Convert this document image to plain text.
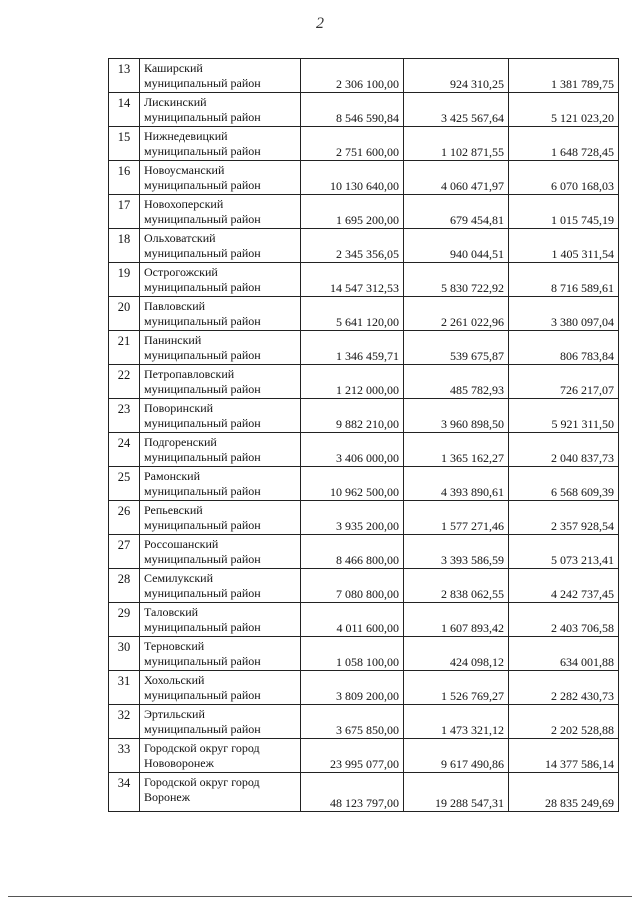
2
13	Каширский
муниципальный район	2 306 100,00	924 310,25	1 381 789,75
14	Лискинский
муниципальный район	8 546 590,84	3 425 567,64	5 121 023,20
15	Нижнедевицкий
муниципальный район	2 751 600,00	1 102 871,55	1 648 728,45
16	Новоусманский
муниципальный район	10 130 640,00	4 060 471,97	6 070 168,03
17	Новохоперский
муниципальный район	1 695 200,00	679 454,81	1 015 745,19
18	Ольховатский
муниципальный район	2 345 356,05	940 044,51	1 405 311,54
19	Острогожский
муниципальный район	14 547 312,53	5 830 722,92	8 716 589,61
20	Павловский
муниципальный район	5 641 120,00	2 261 022,96	3 380 097,04
21	Панинский
муниципальный район	1 346 459,71	539 675,87	806 783,84
22	Петропавловский
муниципальный район	1 212 000,00	485 782,93	726 217,07
23	Поворинский
муниципальный район	9 882 210,00	3 960 898,50	5 921 311,50
24	Подгоренский
муниципальный район	3 406 000,00	1 365 162,27	2 040 837,73
25	Рамонский
муниципальный район	10 962 500,00	4 393 890,61	6 568 609,39
26	Репьевский
муниципальный район	3 935 200,00	1 577 271,46	2 357 928,54
27	Россошанский
муниципальный район	8 466 800,00	3 393 586,59	5 073 213,41
28	Семилукский
муниципальный район	7 080 800,00	2 838 062,55	4 242 737,45
29	Таловский
муниципальный район	4 011 600,00	1 607 893,42	2 403 706,58
30	Терновский
муниципальный район	1 058 100,00	424 098,12	634 001,88
31	Хохольский
муниципальный район	3 809 200,00	1 526 769,27	2 282 430,73
32	Эртильский
муниципальный район	3 675 850,00	1 473 321,12	2 202 528,88
33	Городской округ город
Нововоронеж	23 995 077,00	9 617 490,86	14 377 586,14
34	Городской округ город
Воронеж	48 123 797,00	19 288 547,31	28 835 249,69
